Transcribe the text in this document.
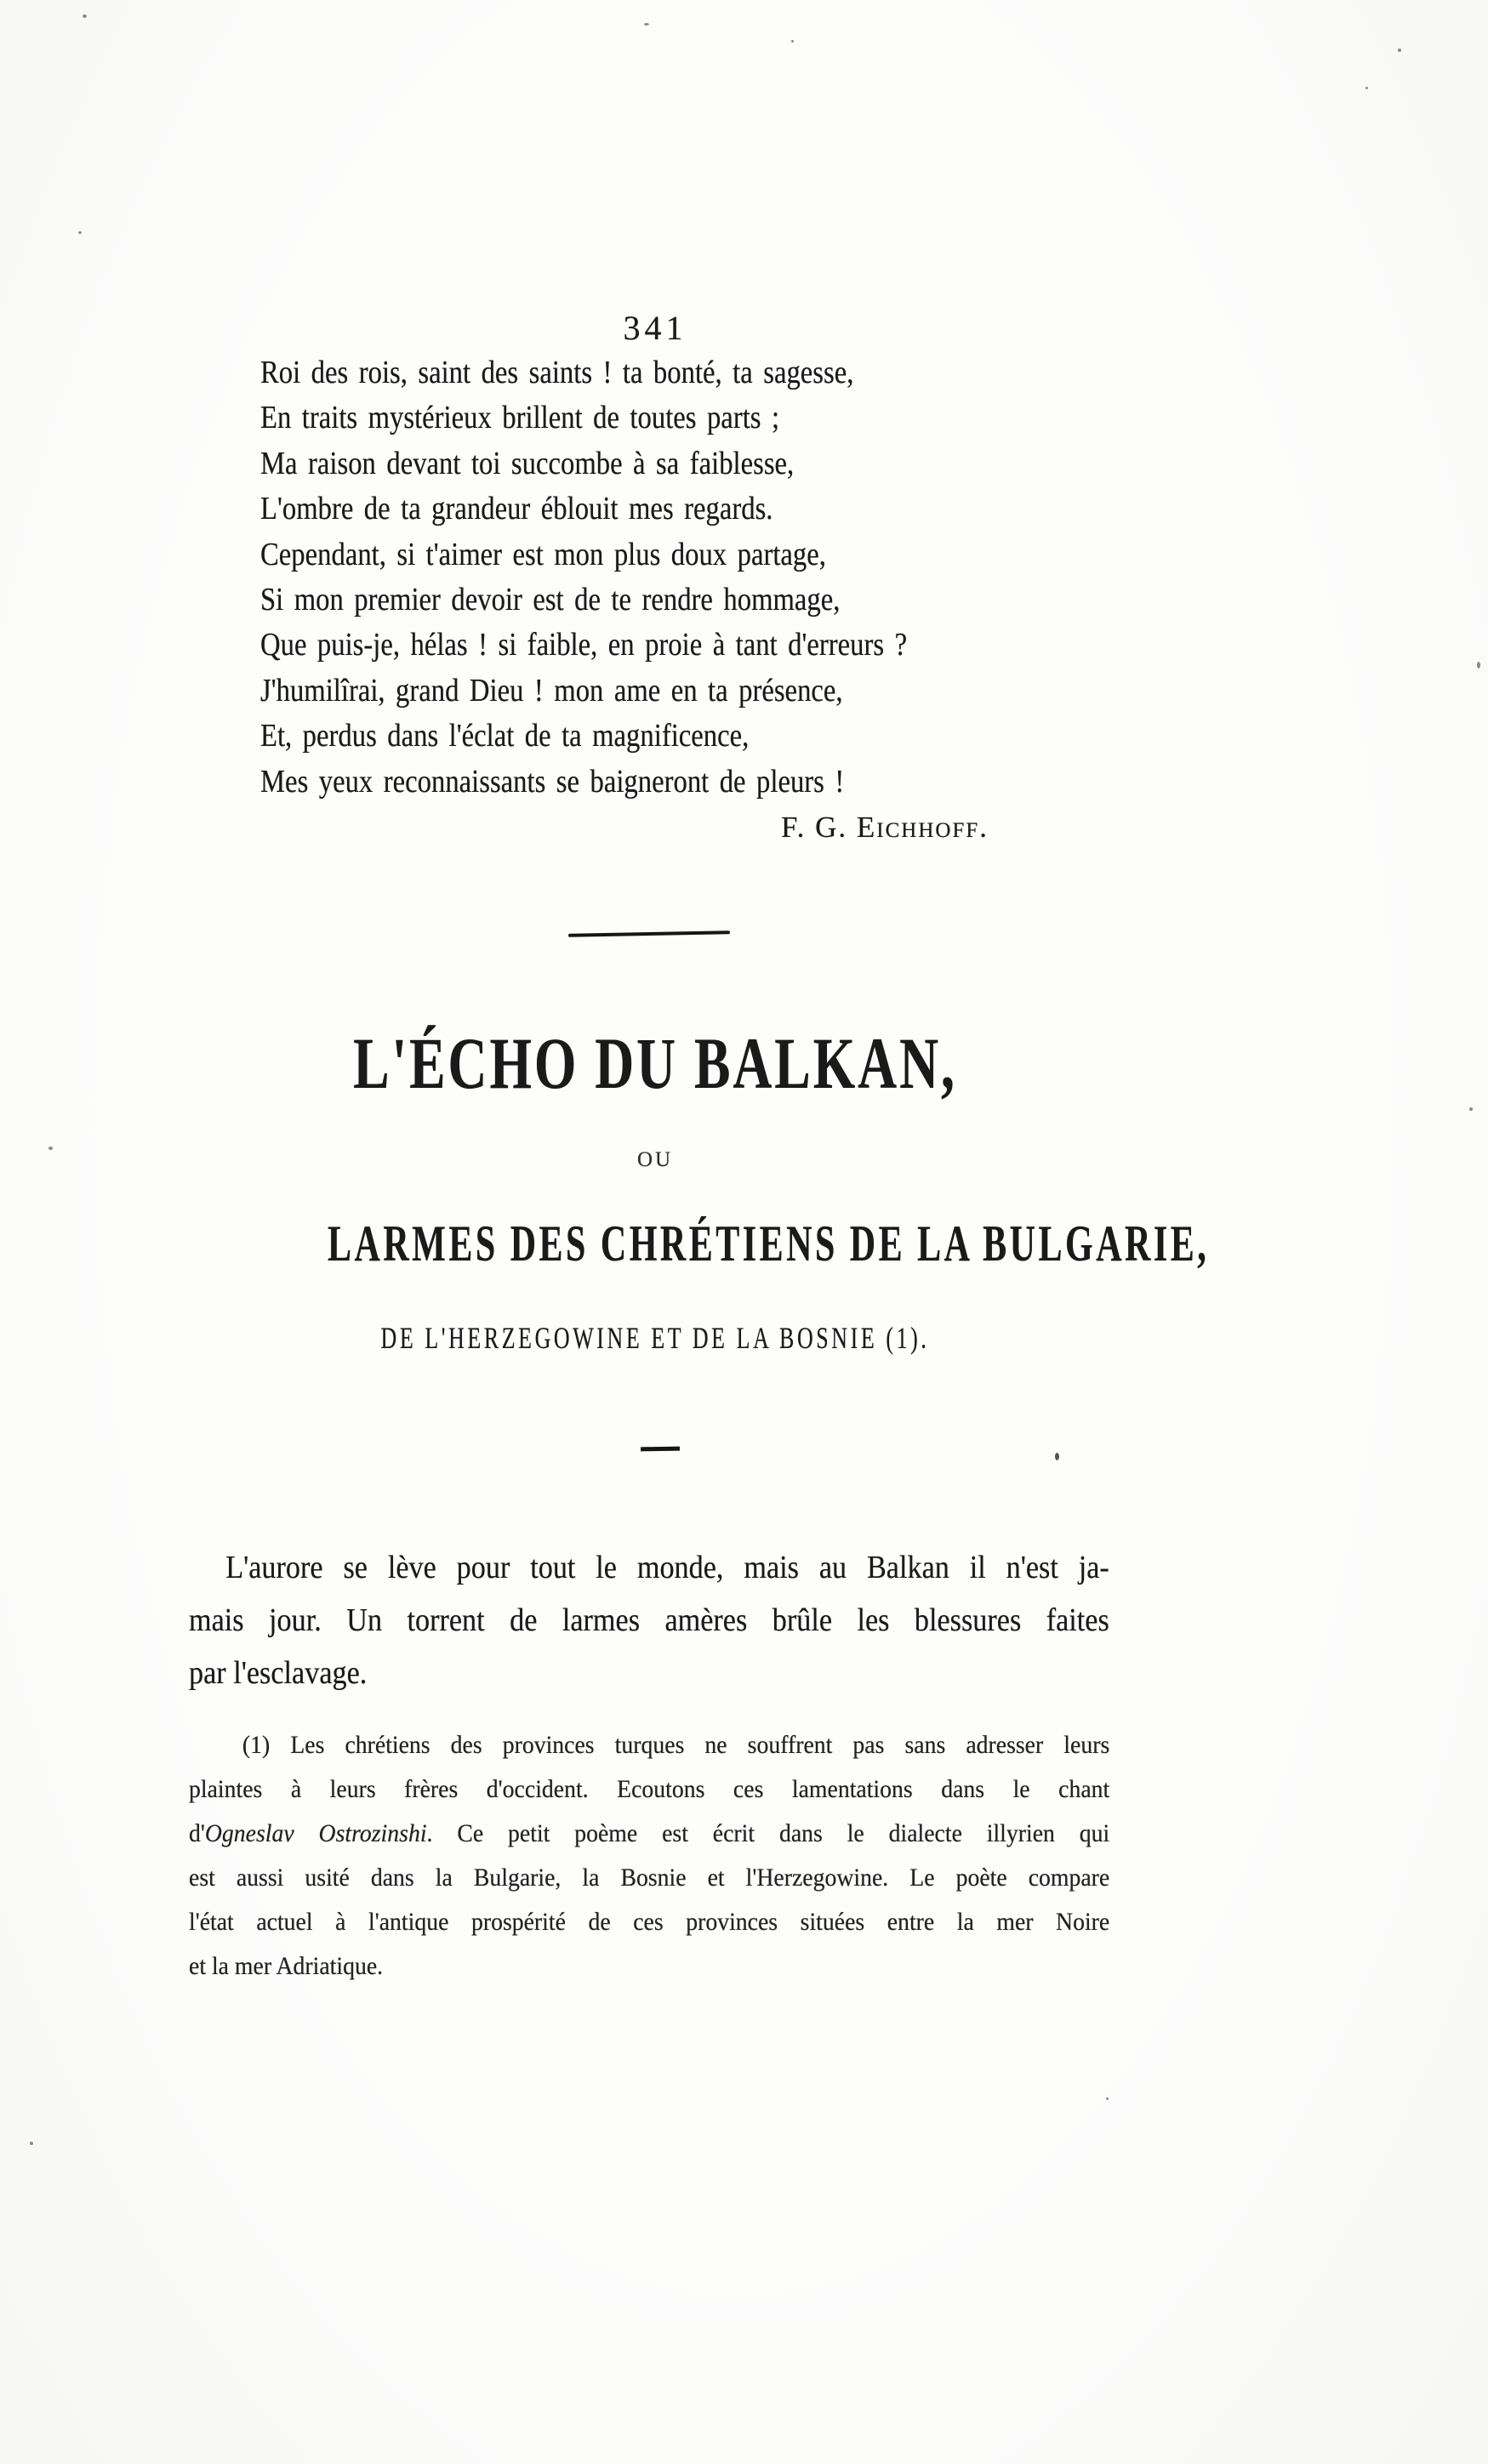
341
Roi des rois, saint des saints ! ta bonté, ta sagesse,
En traits mystérieux brillent de toutes parts ;
Ma raison devant toi succombe à sa faiblesse,
L'ombre de ta grandeur éblouit mes regards.
Cependant, si t'aimer est mon plus doux partage,
Si mon premier devoir est de te rendre hommage,
Que puis-je, hélas ! si faible, en proie à tant d'erreurs ?
J'humilîrai, grand Dieu ! mon ame en ta présence,
Et, perdus dans l'éclat de ta magnificence,
Mes yeux reconnaissants se baigneront de pleurs !
F. G. Eichhoff.
L'ÉCHO DU BALKAN,
OU
LARMES DES CHRÉTIENS DE LA BULGARIE,
DE L'HERZEGOWINE ET DE LA BOSNIE (1).
L'aurore se lève pour tout le monde, mais au Balkan il n'est ja-
mais jour. Un torrent de larmes amères brûle les blessures faites
par l'esclavage.
(1) Les chrétiens des provinces turques ne souffrent pas sans adresser leurs
plaintes à leurs frères d'occident. Ecoutons ces lamentations dans le chant
d'Ogneslav Ostrozinshi. Ce petit poème est écrit dans le dialecte illyrien qui
est aussi usité dans la Bulgarie, la Bosnie et l'Herzegowine. Le poète compare
l'état actuel à l'antique prospérité de ces provinces situées entre la mer Noire
et la mer Adriatique.
